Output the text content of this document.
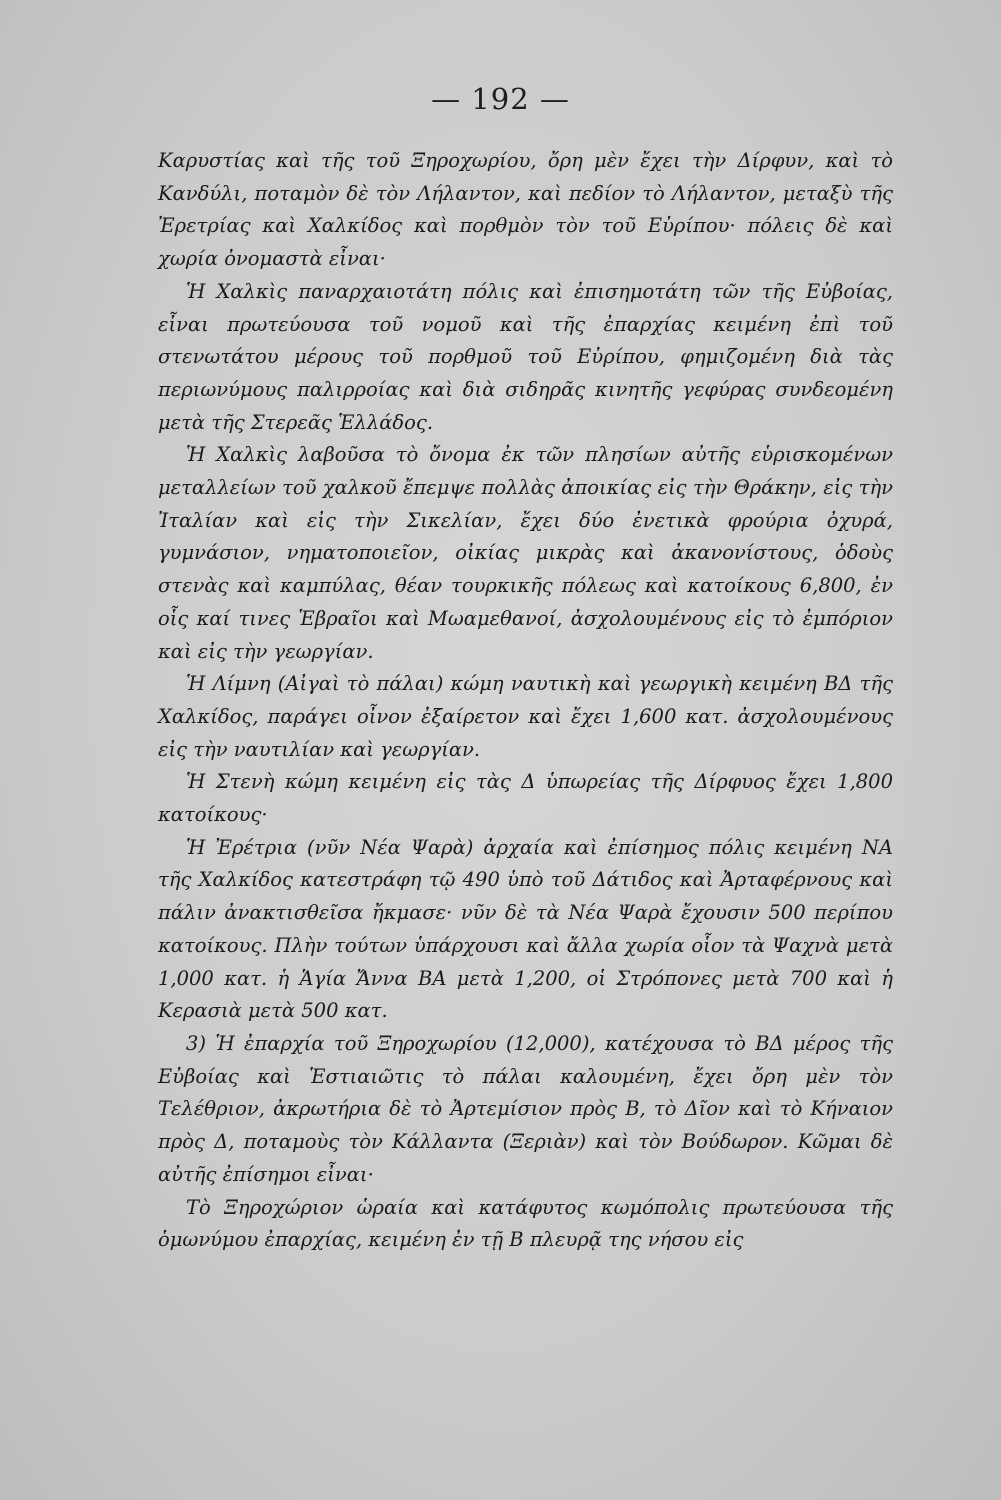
— 192 —

Καρυστίας καὶ τῆς τοῦ Ξηροχωρίου, ὄρη μὲν ἔχει τὴν Δίρφυν, καὶ τὸ Κανδύλι, ποταμὸν δὲ τὸν Λήλαντον, καὶ πεδίον τὸ Λήλαντον, μεταξὺ τῆς Ἐρετρίας καὶ Χαλκίδος καὶ πορθμὸν τὸν τοῦ Εὐρίπου· πόλεις δὲ καὶ χωρία ὀνομαστὰ εἶναι·

Ἡ Χαλκὶς παναρχαιοτάτη πόλις καὶ ἐπισημοτάτη τῶν τῆς Εὐβοίας, εἶναι πρωτεύουσα τοῦ νομοῦ καὶ τῆς ἐπαρχίας κειμένη ἐπὶ τοῦ στενωτάτου μέρους τοῦ πορθμοῦ τοῦ Εὐρίπου, φημιζομένη διὰ τὰς περιωνύμους παλιρροίας καὶ διὰ σιδηρᾶς κινητῆς γεφύρας συνδεομένη μετὰ τῆς Στερεᾶς Ἑλλάδος.

Ἡ Χαλκὶς λαβοῦσα τὸ ὄνομα ἐκ τῶν πλησίων αὐτῆς εὑρισκομένων μεταλλείων τοῦ χαλκοῦ ἔπεμψε πολλὰς ἀποικίας εἰς τὴν Θράκην, εἰς τὴν Ἰταλίαν καὶ εἰς τὴν Σικελίαν, ἔχει δύο ἐνετικὰ φρούρια ὀχυρά, γυμνάσιον, νηματοποιεῖον, οἰκίας μικρὰς καὶ ἀκανονίστους, ὁδοὺς στενὰς καὶ καμπύλας, θέαν τουρκικῆς πόλεως καὶ κατοίκους 6,800, ἐν οἷς καί τινες Ἑβραῖοι καὶ Μωαμεθανοί, ἀσχολουμένους εἰς τὸ ἐμπόριον καὶ εἰς τὴν γεωργίαν.

Ἡ Λίμνη (Αἰγαὶ τὸ πάλαι) κώμη ναυτικὴ καὶ γεωργικὴ κειμένη ΒΔ τῆς Χαλκίδος, παράγει οἶνον ἐξαίρετον καὶ ἔχει 1,600 κατ. ἀσχολουμένους εἰς τὴν ναυτιλίαν καὶ γεωργίαν.

Ἡ Στενὴ κώμη κειμένη εἰς τὰς Δ ὑπωρείας τῆς Δίρφυος ἔχει 1,800 κατοίκους·

Ἡ Ἐρέτρια (νῦν Νέα Ψαρὰ) ἀρχαία καὶ ἐπίσημος πόλις κειμένη ΝΑ τῆς Χαλκίδος κατεστράφη τῷ 490 ὑπὸ τοῦ Δάτιδος καὶ Ἀρταφέρνους καὶ πάλιν ἀνακτισθεῖσα ἤκμασε· νῦν δὲ τὰ Νέα Ψαρὰ ἔχουσιν 500 περίπου κατοίκους. Πλὴν τούτων ὑπάρχουσι καὶ ἄλλα χωρία οἷον τὰ Ψαχνὰ μετὰ 1,000 κατ. ἡ Ἁγία Ἄννα ΒΑ μετὰ 1,200, οἱ Στρόπονες μετὰ 700 καὶ ἡ Κερασιὰ μετὰ 500 κατ.

3) Ἡ ἐπαρχία τοῦ Ξηροχωρίου (12,000), κατέχουσα τὸ ΒΔ μέρος τῆς Εὐβοίας καὶ Ἑστιαιῶτις τὸ πάλαι καλουμένη, ἔχει ὄρη μὲν τὸν Τελέθριον, ἀκρωτήρια δὲ τὸ Ἀρτεμίσιον πρὸς Β, τὸ Δῖον καὶ τὸ Κήναιον πρὸς Δ, ποταμοὺς τὸν Κάλλαντα (Ξεριὰν) καὶ τὸν Βούδωρον. Κῶμαι δὲ αὐτῆς ἐπίσημοι εἶναι·

Τὸ Ξηροχώριον ὡραία καὶ κατάφυτος κωμόπολις πρωτεύουσα τῆς ὁμωνύμου ἐπαρχίας, κειμένη ἐν τῇ Β πλευρᾷ της νήσου εἰς
